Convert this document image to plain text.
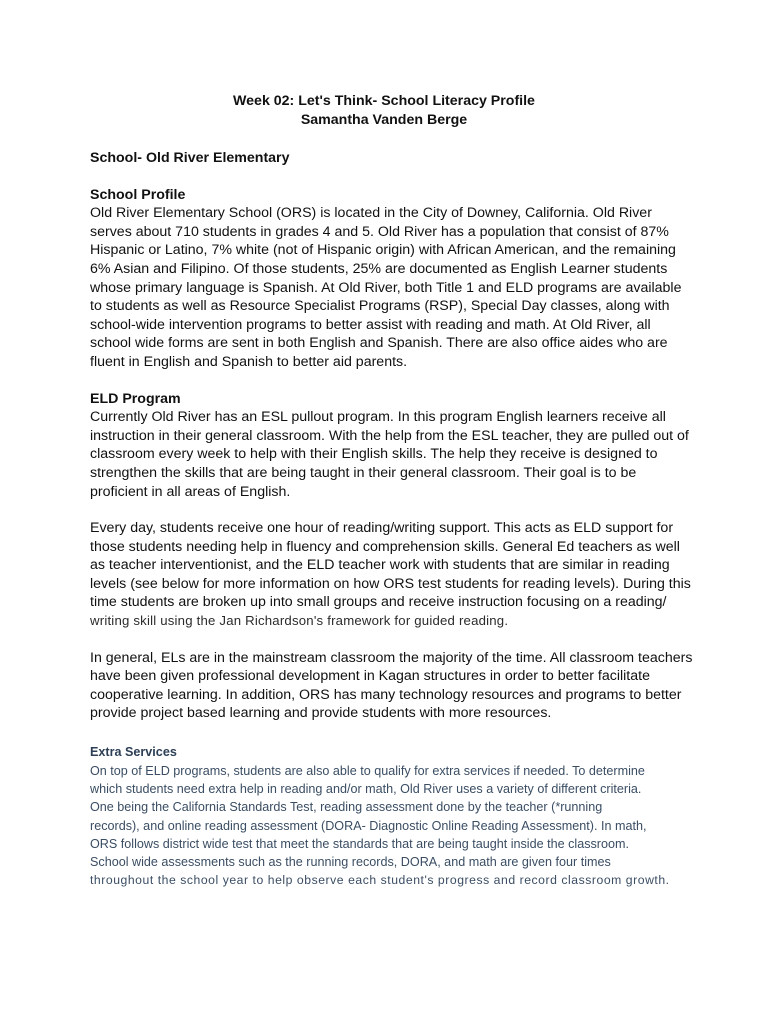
Week 02: Let's Think- School Literacy Profile
Samantha Vanden Berge
School- Old River Elementary
School Profile
Old River Elementary School (ORS) is located in the City of Downey, California. Old River
serves about 710 students in grades 4 and 5. Old River has a population that consist of 87%
Hispanic or Latino, 7% white (not of Hispanic origin) with African American, and the remaining
6% Asian and Filipino. Of those students, 25% are documented as English Learner students
whose primary language is Spanish. At Old River, both Title 1 and ELD programs are available
to students as well as Resource Specialist Programs (RSP), Special Day classes, along with
school-wide intervention programs to better assist with reading and math. At Old River, all
school wide forms are sent in both English and Spanish. There are also office aides who are
fluent in English and Spanish to better aid parents.
ELD Program
Currently Old River has an ESL pullout program. In this program English learners receive all
instruction in their general classroom. With the help from the ESL teacher, they are pulled out of
classroom every week to help with their English skills. The help they receive is designed to
strengthen the skills that are being taught in their general classroom. Their goal is to be
proficient in all areas of English.
Every day, students receive one hour of reading/writing support. This acts as ELD support for
those students needing help in fluency and comprehension skills. General Ed teachers as well
as teacher interventionist, and the ELD teacher work with students that are similar in reading
levels (see below for more information on how ORS test students for reading levels). During this
time students are broken up into small groups and receive instruction focusing on a reading/
writing skill using the Jan Richardson's framework for guided reading.
In general, ELs are in the mainstream classroom the majority of the time. All classroom teachers
have been given professional development in Kagan structures in order to better facilitate
cooperative learning. In addition, ORS has many technology resources and programs to better
provide project based learning and provide students with more resources.
Extra Services
On top of ELD programs, students are also able to qualify for extra services if needed. To determine
which students need extra help in reading and/or math, Old River uses a variety of different criteria.
One being the California Standards Test, reading assessment done by the teacher (*running
records), and online reading assessment (DORA- Diagnostic Online Reading Assessment). In math,
ORS follows district wide test that meet the standards that are being taught inside the classroom.
School wide assessments such as the running records, DORA, and math are given four times
throughout the school year to help observe each student's progress and record classroom growth.
